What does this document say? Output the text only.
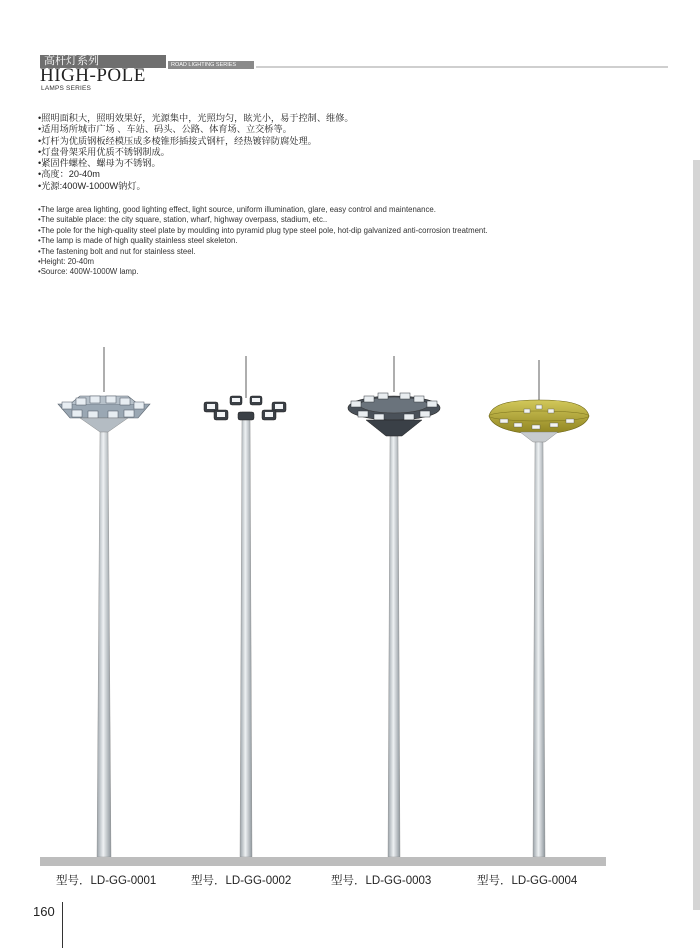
高杆灯系列	ROAD LIGHTING SERIES
HIGH-POLE
LAMPS SERIES
•照明面积大，照明效果好，光源集中，光照均匀，眩光小，易于控制、维修。
•适用场所城市广场 、车站、码头、公路、体育场、立交桥等。
•灯杆为优质钢板经模压成多棱锥形插接式钢杆，经热镀锌防腐处理。
•灯盘骨架采用优质不锈钢制成。
•紧固件螺栓、螺母为不锈钢。
•高度：20-40m
•光源:400W-1000W钠灯。
•The large area lighting, good lighting effect, light source, uniform illumination, glare, easy control and maintenance.
•The suitable place: the city square, station, wharf, highway overpass, stadium, etc..
•The pole for the high-quality steel plate by moulding into pyramid plug type steel pole, hot-dip galvanized anti-corrosion treatment.
•The lamp is made of high quality stainless steel skeleton.
•The fastening bolt and nut for stainless steel.
•Height: 20-40m
•Source: 400W-1000W lamp.
型号．LD-GG-0001	型号．LD-GG-0002	型号．LD-GG-0003	型号．LD-GG-0004
160
